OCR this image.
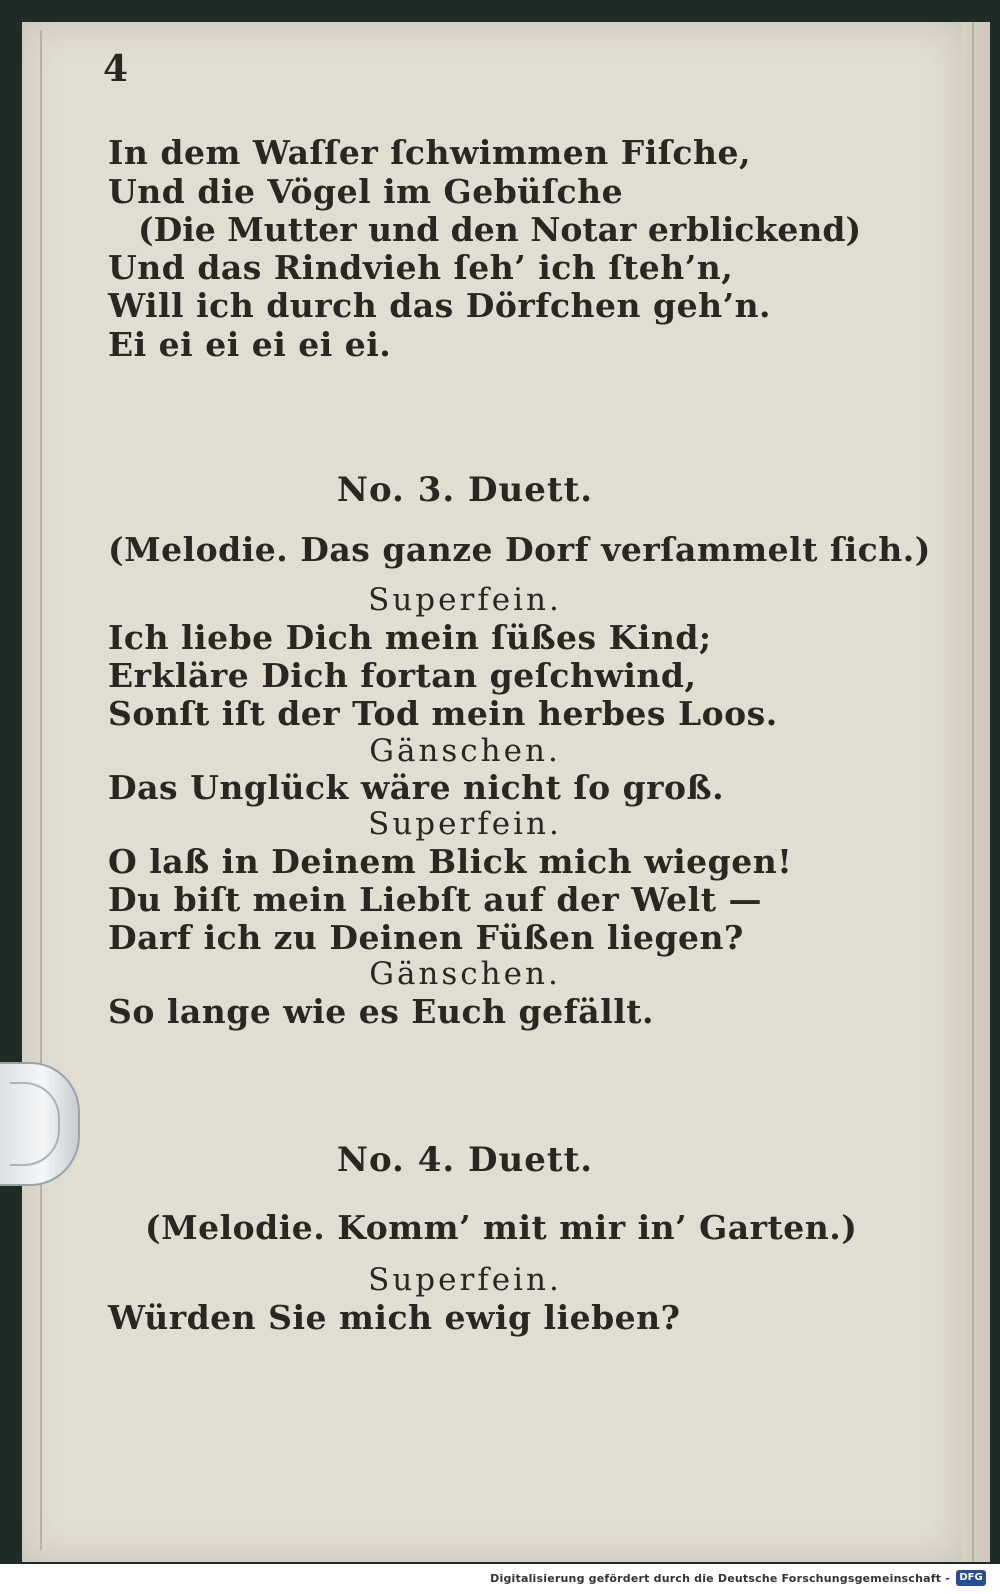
4
In dem Waſſer ſchwimmen Fiſche,
Und die Vögel im Gebüſche
(Die Mutter und den Notar erblickend)
Und das Rindvieh ſeh’ ich ſteh’n,
Will ich durch das Dörfchen geh’n.
Ei ei ei ei ei ei.
No. 3. Duett.
(Melodie. Das ganze Dorf verſammelt ſich.)
Superfein.
Ich liebe Dich mein ſüßes Kind;
Erkläre Dich fortan geſchwind,
Sonſt iſt der Tod mein herbes Loos.
Gänschen.
Das Unglück wäre nicht ſo groß.
Superfein.
O laß in Deinem Blick mich wiegen!
Du biſt mein Liebſt auf der Welt —
Darf ich zu Deinen Füßen liegen?
Gänschen.
So lange wie es Euch gefällt.
No. 4. Duett.
(Melodie. Komm’ mit mir in’ Garten.)
Superfein.
Würden Sie mich ewig lieben?
Digitalisierung gefördert durch die Deutsche Forschungsgemeinschaft - DFG
